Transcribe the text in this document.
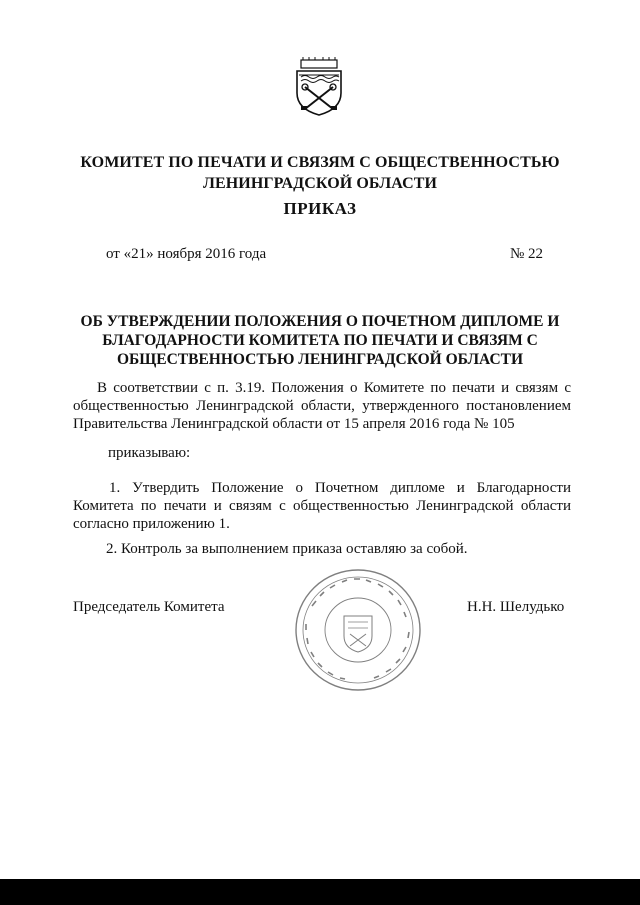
КОМИТЕТ ПО ПЕЧАТИ И СВЯЗЯМ С ОБЩЕСТВЕННОСТЬЮ
ЛЕНИНГРАДСКОЙ ОБЛАСТИ
ПРИКАЗ
от «21» ноября 2016 года	№ 22
ОБ УТВЕРЖДЕНИИ ПОЛОЖЕНИЯ О ПОЧЕТНОМ ДИПЛОМЕ И
БЛАГОДАРНОСТИ КОМИТЕТА ПО ПЕЧАТИ И СВЯЗЯМ С
ОБЩЕСТВЕННОСТЬЮ ЛЕНИНГРАДСКОЙ ОБЛАСТИ
В соответствии с п. 3.19. Положения о Комитете по печати и связям с общественностью Ленинградской области, утвержденного постановлением Правительства Ленинградской области от 15 апреля 2016 года № 105
приказываю:
1. Утвердить Положение о Почетном дипломе и Благодарности Комитета по печати и связям с общественностью Ленинградской области согласно приложению 1.
2. Контроль за выполнением приказа оставляю за собой.
Председатель Комитета	Н.Н. Шелудько
